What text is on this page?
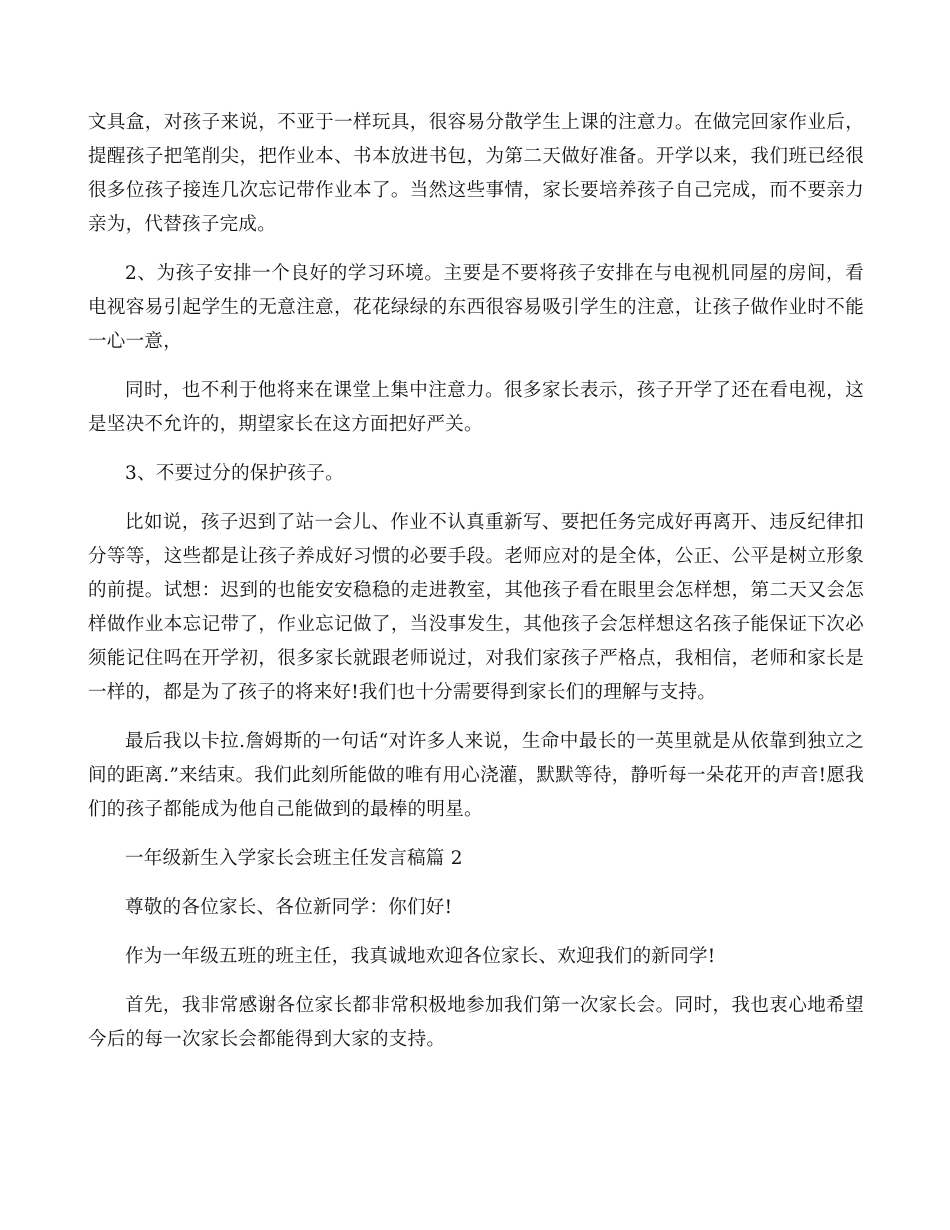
文具盒，对孩子来说，不亚于一样玩具，很容易分散学生上课的注意力。在做完回家作业后，提醒孩子把笔削尖，把作业本、书本放进书包，为第二天做好准备。开学以来，我们班已经很很多位孩子接连几次忘记带作业本了。当然这些事情，家长要培养孩子自己完成，而不要亲力亲为，代替孩子完成。

2、为孩子安排一个良好的学习环境。主要是不要将孩子安排在与电视机同屋的房间，看电视容易引起学生的无意注意，花花绿绿的东西很容易吸引学生的注意，让孩子做作业时不能一心一意，

同时，也不利于他将来在课堂上集中注意力。很多家长表示，孩子开学了还在看电视，这是坚决不允许的，期望家长在这方面把好严关。

3、不要过分的保护孩子。

比如说，孩子迟到了站一会儿、作业不认真重新写、要把任务完成好再离开、违反纪律扣分等等，这些都是让孩子养成好习惯的必要手段。老师应对的是全体，公正、公平是树立形象的前提。试想：迟到的也能安安稳稳的走进教室，其他孩子看在眼里会怎样想，第二天又会怎样做作业本忘记带了，作业忘记做了，当没事发生，其他孩子会怎样想这名孩子能保证下次必须能记住吗在开学初，很多家长就跟老师说过，对我们家孩子严格点，我相信，老师和家长是一样的，都是为了孩子的将来好!我们也十分需要得到家长们的理解与支持。

最后我以卡拉.詹姆斯的一句话“对许多人来说，生命中最长的一英里就是从依靠到独立之间的距离.”来结束。我们此刻所能做的唯有用心浇灌，默默等待，静听每一朵花开的声音!愿我们的孩子都能成为他自己能做到的最棒的明星。

一年级新生入学家长会班主任发言稿篇 2

尊敬的各位家长、各位新同学：你们好!

作为一年级五班的班主任，我真诚地欢迎各位家长、欢迎我们的新同学!

首先，我非常感谢各位家长都非常积极地参加我们第一次家长会。同时，我也衷心地希望今后的每一次家长会都能得到大家的支持。
